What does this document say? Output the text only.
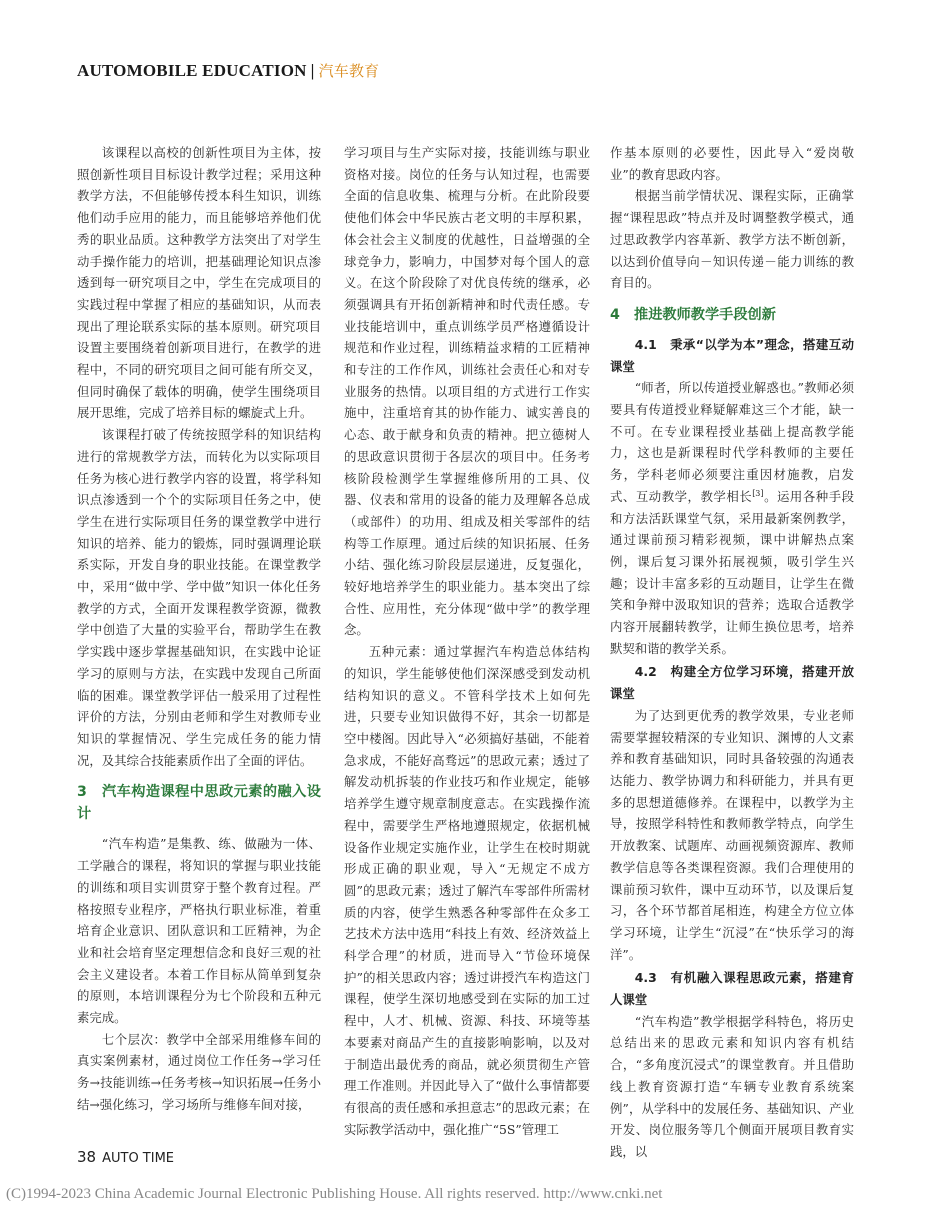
AUTOMOBILE EDUCATION | 汽车教育

该课程以高校的创新性项目为主体，按照创新性项目目标设计教学过程；采用这种教学方法，不但能够传授本科生知识，训练他们动手应用的能力，而且能够培养他们优秀的职业品质。这种教学方法突出了对学生动手操作能力的培训，把基础理论知识点渗透到每一研究项目之中，学生在完成项目的实践过程中掌握了相应的基础知识，从而表现出了理论联系实际的基本原则。研究项目设置主要围绕着创新项目进行，在教学的进程中，不同的研究项目之间可能有所交叉，但同时确保了载体的明确，使学生围绕项目展开思维，完成了培养目标的螺旋式上升。

该课程打破了传统按照学科的知识结构进行的常规教学方法，而转化为以实际项目任务为核心进行教学内容的设置，将学科知识点渗透到一个个的实际项目任务之中，使学生在进行实际项目任务的课堂教学中进行知识的培养、能力的锻炼，同时强调理论联系实际，开发自身的职业技能。在课堂教学中，采用“做中学、学中做”知识一体化任务教学的方式，全面开发课程教学资源，微教学中创造了大量的实验平台，帮助学生在教学实践中逐步掌握基础知识，在实践中论证学习的原则与方法，在实践中发现自己所面临的困难。课堂教学评估一般采用了过程性评价的方法，分别由老师和学生对教师专业知识的掌握情况、学生完成任务的能力情况，及其综合技能素质作出了全面的评估。

3　汽车构造课程中思政元素的融入设计

“汽车构造”是集教、练、做融为一体、工学融合的课程，将知识的掌握与职业技能的训练和项目实训贯穿于整个教育过程。严格按照专业程序，严格执行职业标准，着重培育企业意识、团队意识和工匠精神，为企业和社会培育坚定理想信念和良好三观的社会主义建设者。本着工作目标从简单到复杂的原则，本培训课程分为七个阶段和五种元素完成。

七个层次：教学中全部采用维修车间的真实案例素材，通过岗位工作任务→学习任务→技能训练→任务考核→知识拓展→任务小结→强化练习，学习场所与维修车间对接，

学习项目与生产实际对接，技能训练与职业资格对接。岗位的任务与认知过程，也需要全面的信息收集、梳理与分析。在此阶段要使他们体会中华民族古老文明的丰厚积累，体会社会主义制度的优越性，日益增强的全球竞争力，影响力，中国梦对每个国人的意义。在这个阶段除了对优良传统的继承，必须强调具有开拓创新精神和时代责任感。专业技能培训中，重点训练学员严格遵循设计规范和作业过程，训练精益求精的工匠精神和专注的工作作风，训练社会责任心和对专业服务的热情。以项目组的方式进行工作实施中，注重培育其的协作能力、诚实善良的心态、敢于献身和负责的精神。把立德树人的思政意识贯彻于各层次的项目中。任务考核阶段检测学生掌握维修所用的工具、仪器、仪表和常用的设备的能力及理解各总成（或部件）的功用、组成及相关零部件的结构等工作原理。通过后续的知识拓展、任务小结、强化练习阶段层层递进，反复强化，较好地培养学生的职业能力。基本突出了综合性、应用性，充分体现“做中学”的教学理念。

五种元素：通过掌握汽车构造总体结构的知识，学生能够使他们深深感受到发动机结构知识的意义。不管科学技术上如何先进，只要专业知识做得不好，其余一切都是空中楼阁。因此导入“必须搞好基础，不能着急求成，不能好高骛远”的思政元素；透过了解发动机拆装的作业技巧和作业规定，能够培养学生遵守规章制度意志。在实践操作流程中，需要学生严格地遵照规定，依据机械设备作业规定实施作业，让学生在校时期就形成正确的职业观，导入“无规定不成方圆”的思政元素；透过了解汽车零部件所需材质的内容，使学生熟悉各种零部件在众多工艺技术方法中选用“科技上有效、经济效益上科学合理”的材质，进而导入“节俭环境保护”的相关思政内容；透过讲授汽车构造这门课程，使学生深切地感受到在实际的加工过程中，人才、机械、资源、科技、环境等基本要素对商品产生的直接影响影响，以及对于制造出最优秀的商品，就必须贯彻生产管理工作准则。并因此导入了“做什么事情都要有很高的责任感和承担意志”的思政元素；在实际教学活动中，强化推广“5S”管理工

作基本原则的必要性，因此导入“爱岗敬业”的教育思政内容。

根据当前学情状况、课程实际，正确掌握“课程思政”特点并及时调整教学模式，通过思政教学内容革新、教学方法不断创新，以达到价值导向－知识传递－能力训练的教育目的。

4　推进教师教学手段创新
4.1　秉承“以学为本”理念，搭建互动课堂

“师者，所以传道授业解惑也。”教师必须要具有传道授业释疑解难这三个才能，缺一不可。在专业课程授业基础上提高教学能力，这也是新课程时代学科教师的主要任务，学科老师必须要注重因材施教，启发式、互动教学，教学相长[3]。运用各种手段和方法活跃课堂气氛，采用最新案例教学，通过课前预习精彩视频，课中讲解热点案例，课后复习课外拓展视频，吸引学生兴趣；设计丰富多彩的互动题目，让学生在微笑和争辩中汲取知识的营养；选取合适教学内容开展翻转教学，让师生换位思考，培养默契和谐的教学关系。

4.2　构建全方位学习环境，搭建开放课堂

为了达到更优秀的教学效果，专业老师需要掌握较精深的专业知识、渊博的人文素养和教育基础知识，同时具备较强的沟通表达能力、教学协调力和科研能力，并具有更多的思想道德修养。在课程中，以教学为主导，按照学科特性和教师教学特点，向学生开放教案、试题库、动画视频资源库、教师教学信息等各类课程资源。我们合理使用的课前预习软件，课中互动环节，以及课后复习，各个环节都首尾相连，构建全方位立体学习环境，让学生“沉浸”在“快乐学习的海洋”。

4.3　有机融入课程思政元素，搭建育人课堂

“汽车构造”教学根据学科特色，将历史总结出来的思政元素和知识内容有机结合，“多角度沉浸式”的课堂教育。并且借助线上教育资源打造“车辆专业教育系统案例”，从学科中的发展任务、基础知识、产业开发、岗位服务等几个侧面开展项目教育实践，以

38 AUTO TIME
(C)1994-2023 China Academic Journal Electronic Publishing House. All rights reserved. http://www.cnki.net
